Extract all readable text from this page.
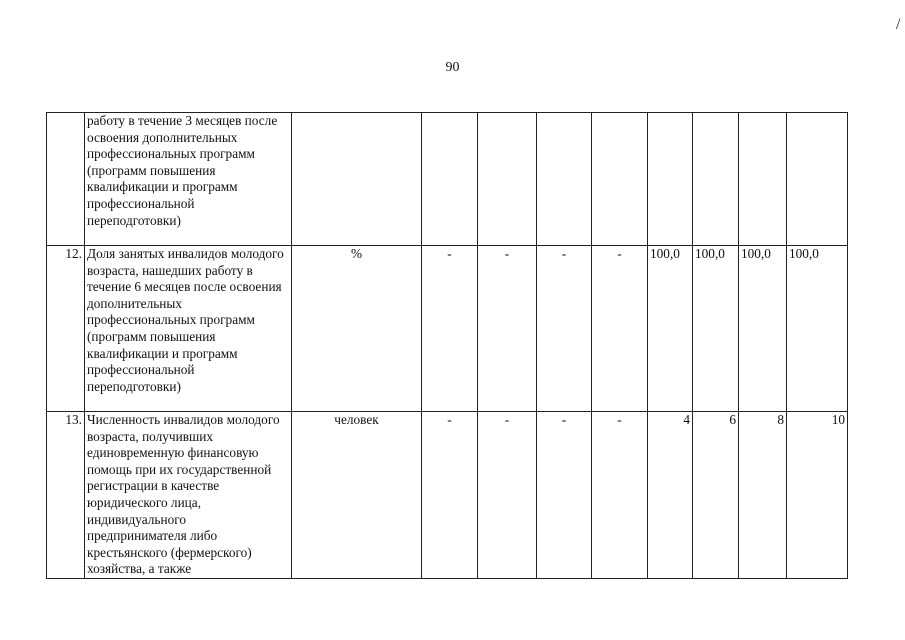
90
/
	работу в течение 3 месяцев после освоения дополнительных профессиональных программ (программ повышения квалификации и программ профессиональной переподготовки)									
12.	Доля занятых инвалидов молодого возраста, нашедших работу в течение 6 месяцев после освоения дополнительных профессиональных программ (программ повышения квалификации и программ профессиональной переподготовки)	%	-	-	-	-	100,0	100,0	100,0	100,0
13.	Численность инвалидов молодого возраста, получивших единовременную финансовую помощь при их государственной регистрации в качестве юридического лица, индивидуального предпринимателя либо крестьянского (фермерского) хозяйства, а также	человек	-	-	-	-	4	6	8	10
